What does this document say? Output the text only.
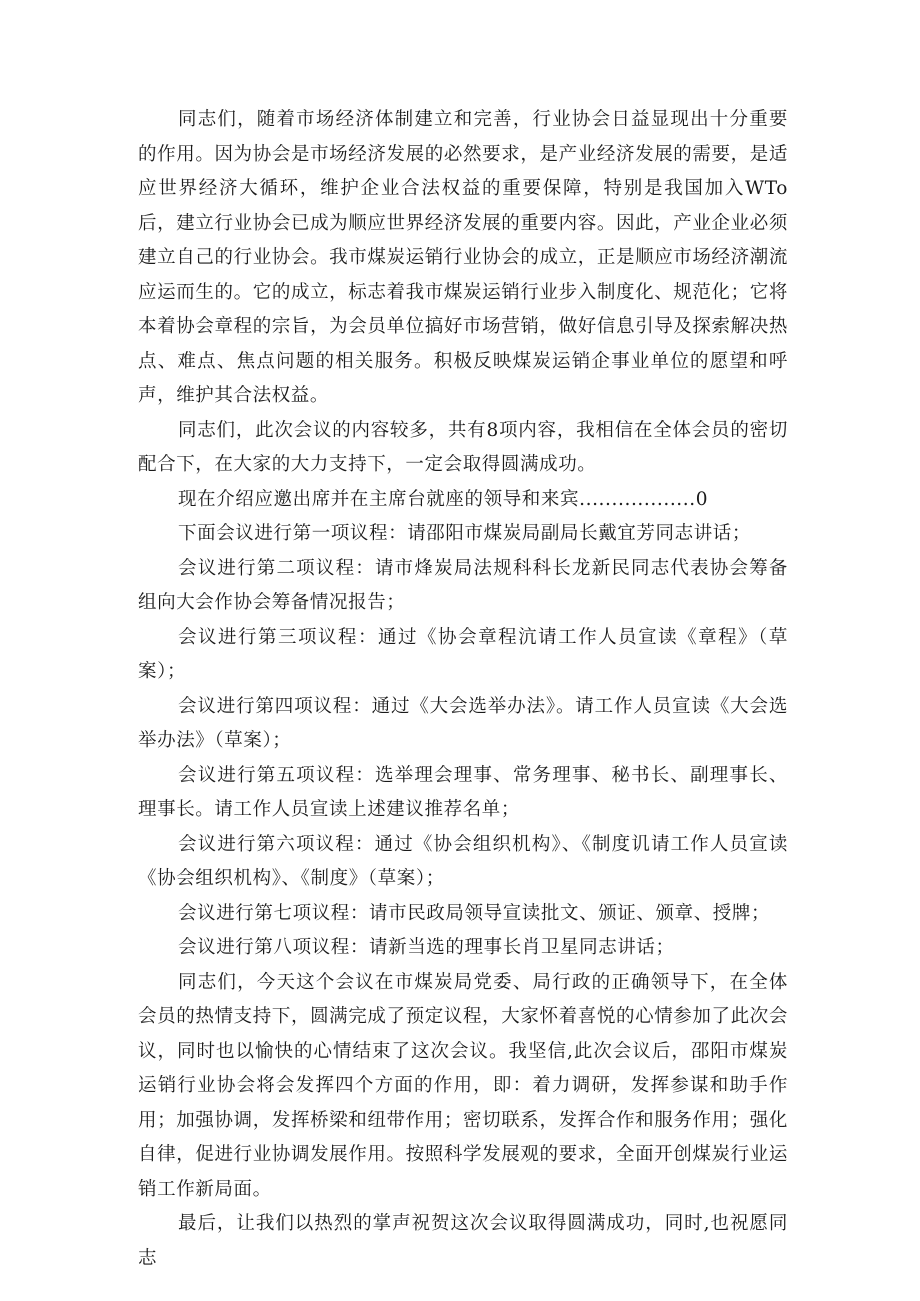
同志们，随着市场经济体制建立和完善，行业协会日益显现出十分重要的作用。因为协会是市场经济发展的必然要求，是产业经济发展的需要，是适应世界经济大循环，维护企业合法权益的重要保障，特别是我国加入WTo后，建立行业协会已成为顺应世界经济发展的重要内容。因此，产业企业必须建立自己的行业协会。我市煤炭运销行业协会的成立，正是顺应市场经济潮流应运而生的。它的成立，标志着我市煤炭运销行业步入制度化、规范化；它将本着协会章程的宗旨，为会员单位搞好市场营销，做好信息引导及探索解决热点、难点、焦点问题的相关服务。积极反映煤炭运销企事业单位的愿望和呼声，维护其合法权益。

同志们，此次会议的内容较多，共有8项内容，我相信在全体会员的密切配合下，在大家的大力支持下，一定会取得圆满成功。

现在介绍应邀出席并在主席台就座的领导和来宾..................0

下面会议进行第一项议程：请邵阳市煤炭局副局长戴宜芳同志讲话；

会议进行第二项议程：请市烽炭局法规科科长龙新民同志代表协会筹备组向大会作协会筹备情况报告；

会议进行第三项议程：通过《协会章程沆请工作人员宣读《章程》（草案）；

会议进行第四项议程：通过《大会选举办法》。请工作人员宣读《大会选举办法》（草案）；

会议进行第五项议程：选举理会理事、常务理事、秘书长、副理事长、理事长。请工作人员宣读上述建议推荐名单；

会议进行第六项议程：通过《协会组织机构》、《制度讥请工作人员宣读《协会组织机构》、《制度》（草案）；

会议进行第七项议程：请市民政局领导宣读批文、颁证、颁章、授牌；

会议进行第八项议程：请新当选的理事长肖卫星同志讲话；

同志们，今天这个会议在市煤炭局党委、局行政的正确领导下，在全体会员的热情支持下，圆满完成了预定议程，大家怀着喜悦的心情参加了此次会议，同时也以愉快的心情结束了这次会议。我坚信,此次会议后，邵阳市煤炭运销行业协会将会发挥四个方面的作用，即：着力调研，发挥参谋和助手作用；加强协调，发挥桥梁和纽带作用；密切联系，发挥合作和服务作用；强化自律，促进行业协调发展作用。按照科学发展观的要求，全面开创煤炭行业运销工作新局面。

最后，让我们以热烈的掌声祝贺这次会议取得圆满成功，同时,也祝愿同志
